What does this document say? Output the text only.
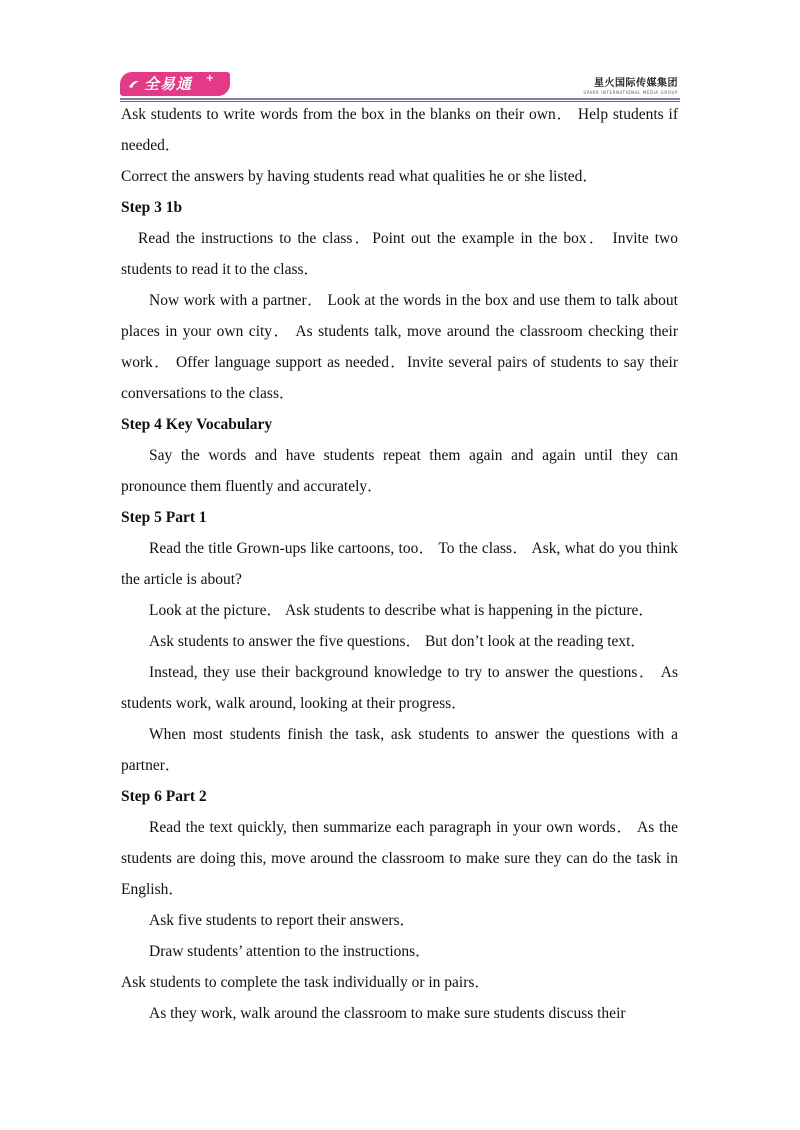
全易通 +	星火国际传媒集团
SPARK INTERNATIONAL MEDIA GROUP

Ask students to write words from the box in the blanks on their own． Help students if needed．

Correct the answers by having students read what qualities he or she listed．

Step 3 1b

Read the instructions to the class．Point out the example in the box． Invite two students to read it to the class．

Now work with a partner． Look at the words in the box and use them to talk about places in your own city． As students talk, move around the classroom checking their work． Offer language support as needed．Invite several pairs of students to say their conversations to the class．

Step 4 Key Vocabulary

Say the words and have students repeat them again and again until they can pronounce them fluently and accurately．

Step 5 Part 1

Read the title Grown-ups like cartoons, too． To the class． Ask, what do you think the article is about?

Look at the picture． Ask students to describe what is happening in the picture．

Ask students to answer the five questions． But don’t look at the reading text．

Instead, they use their background knowledge to try to answer the questions． As students work, walk around, looking at their progress．

When most students finish the task, ask students to answer the questions with a partner．

Step 6 Part 2

Read the text quickly, then summarize each paragraph in your own words． As the students are doing this, move around the classroom to make sure they can do the task in English．

Ask five students to report their answers．

Draw students’ attention to the instructions．

Ask students to complete the task individually or in pairs．

As they work, walk around the classroom to make sure students discuss their
